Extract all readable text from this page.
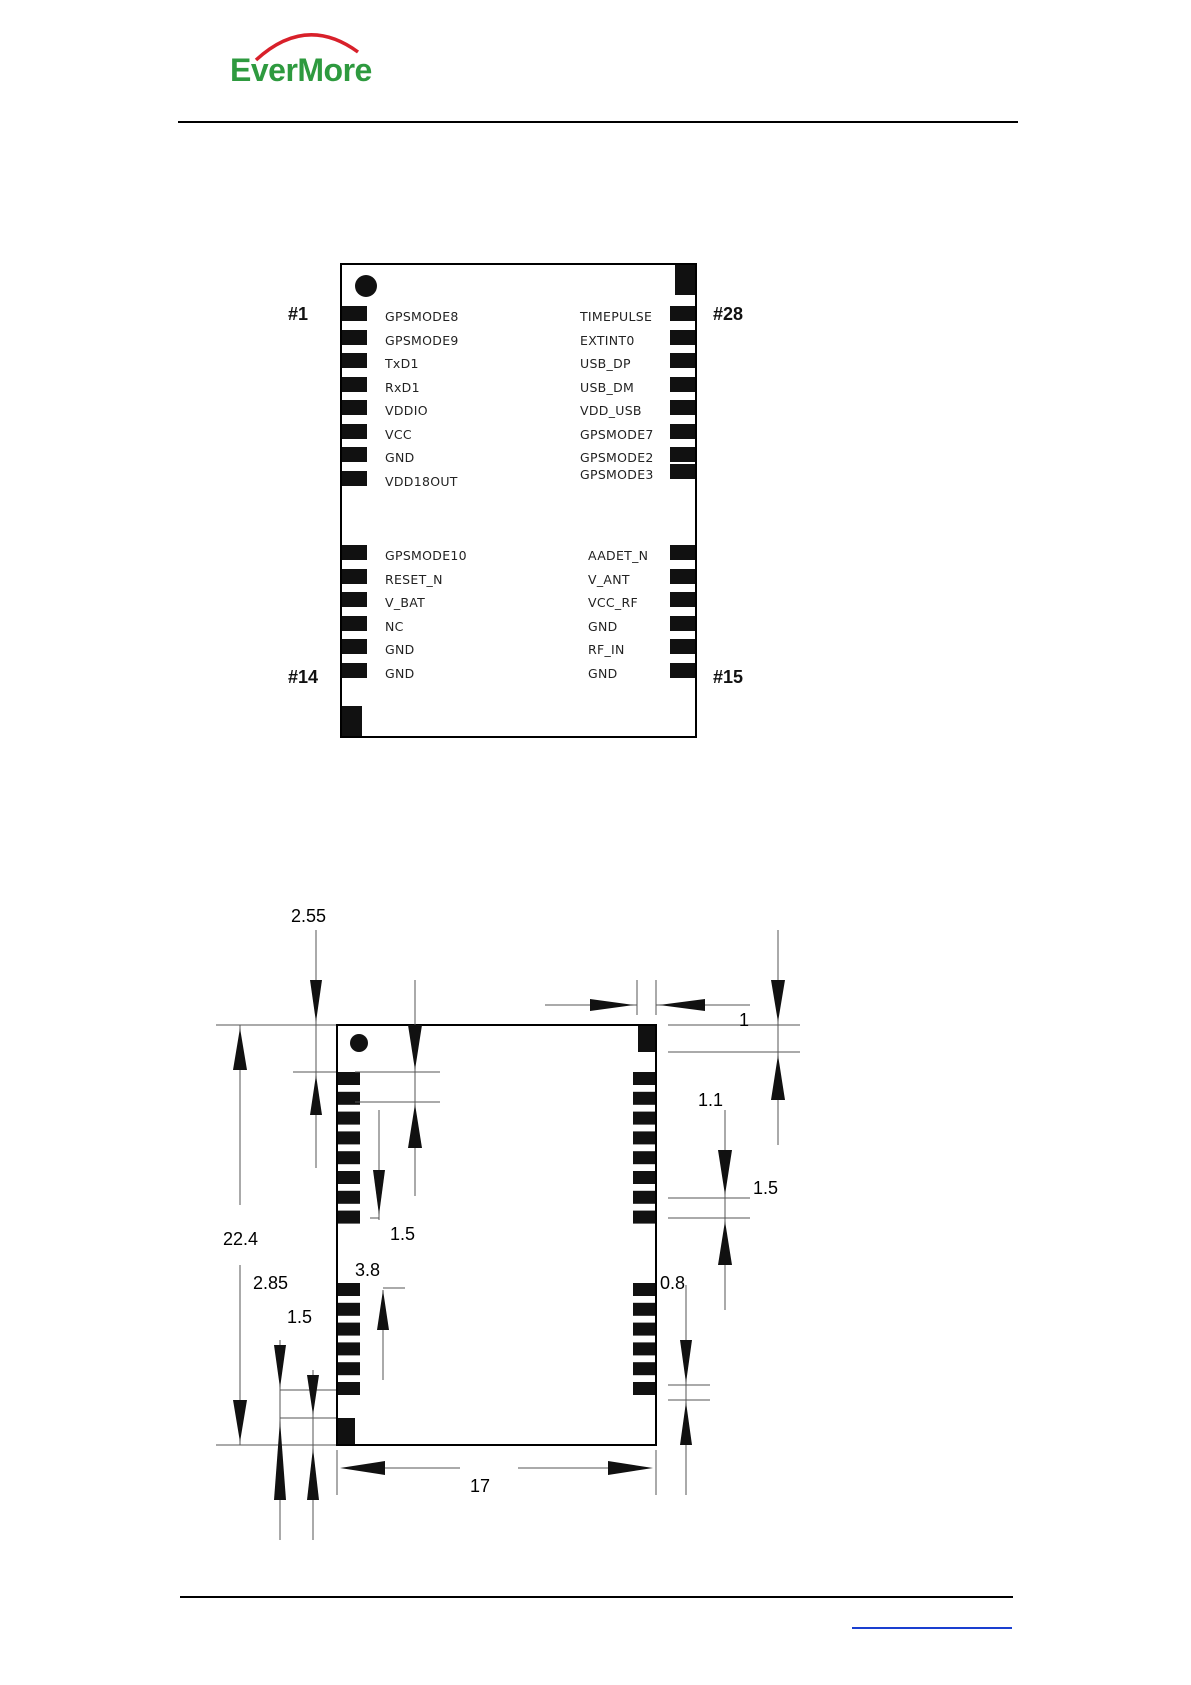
EverMore
GPSMODE8
GPSMODE9
TxD1
RxD1
VDDIO
VCC
GND
VDD18OUT
GPSMODE10
RESET_N
V_BAT
NC
GND
GND
TIMEPULSE
EXTINT0
USB_DP
USB_DM
VDD_USB
GPSMODE7
GPSMODE2
GPSMODE3
AADET_N
V_ANT
VCC_RF
GND
RF_IN
GND
#1
#14
#28
#15
2.55
1
1.1
1.5
1.5
22.4
3.8
2.85	0.8
1.5
17
